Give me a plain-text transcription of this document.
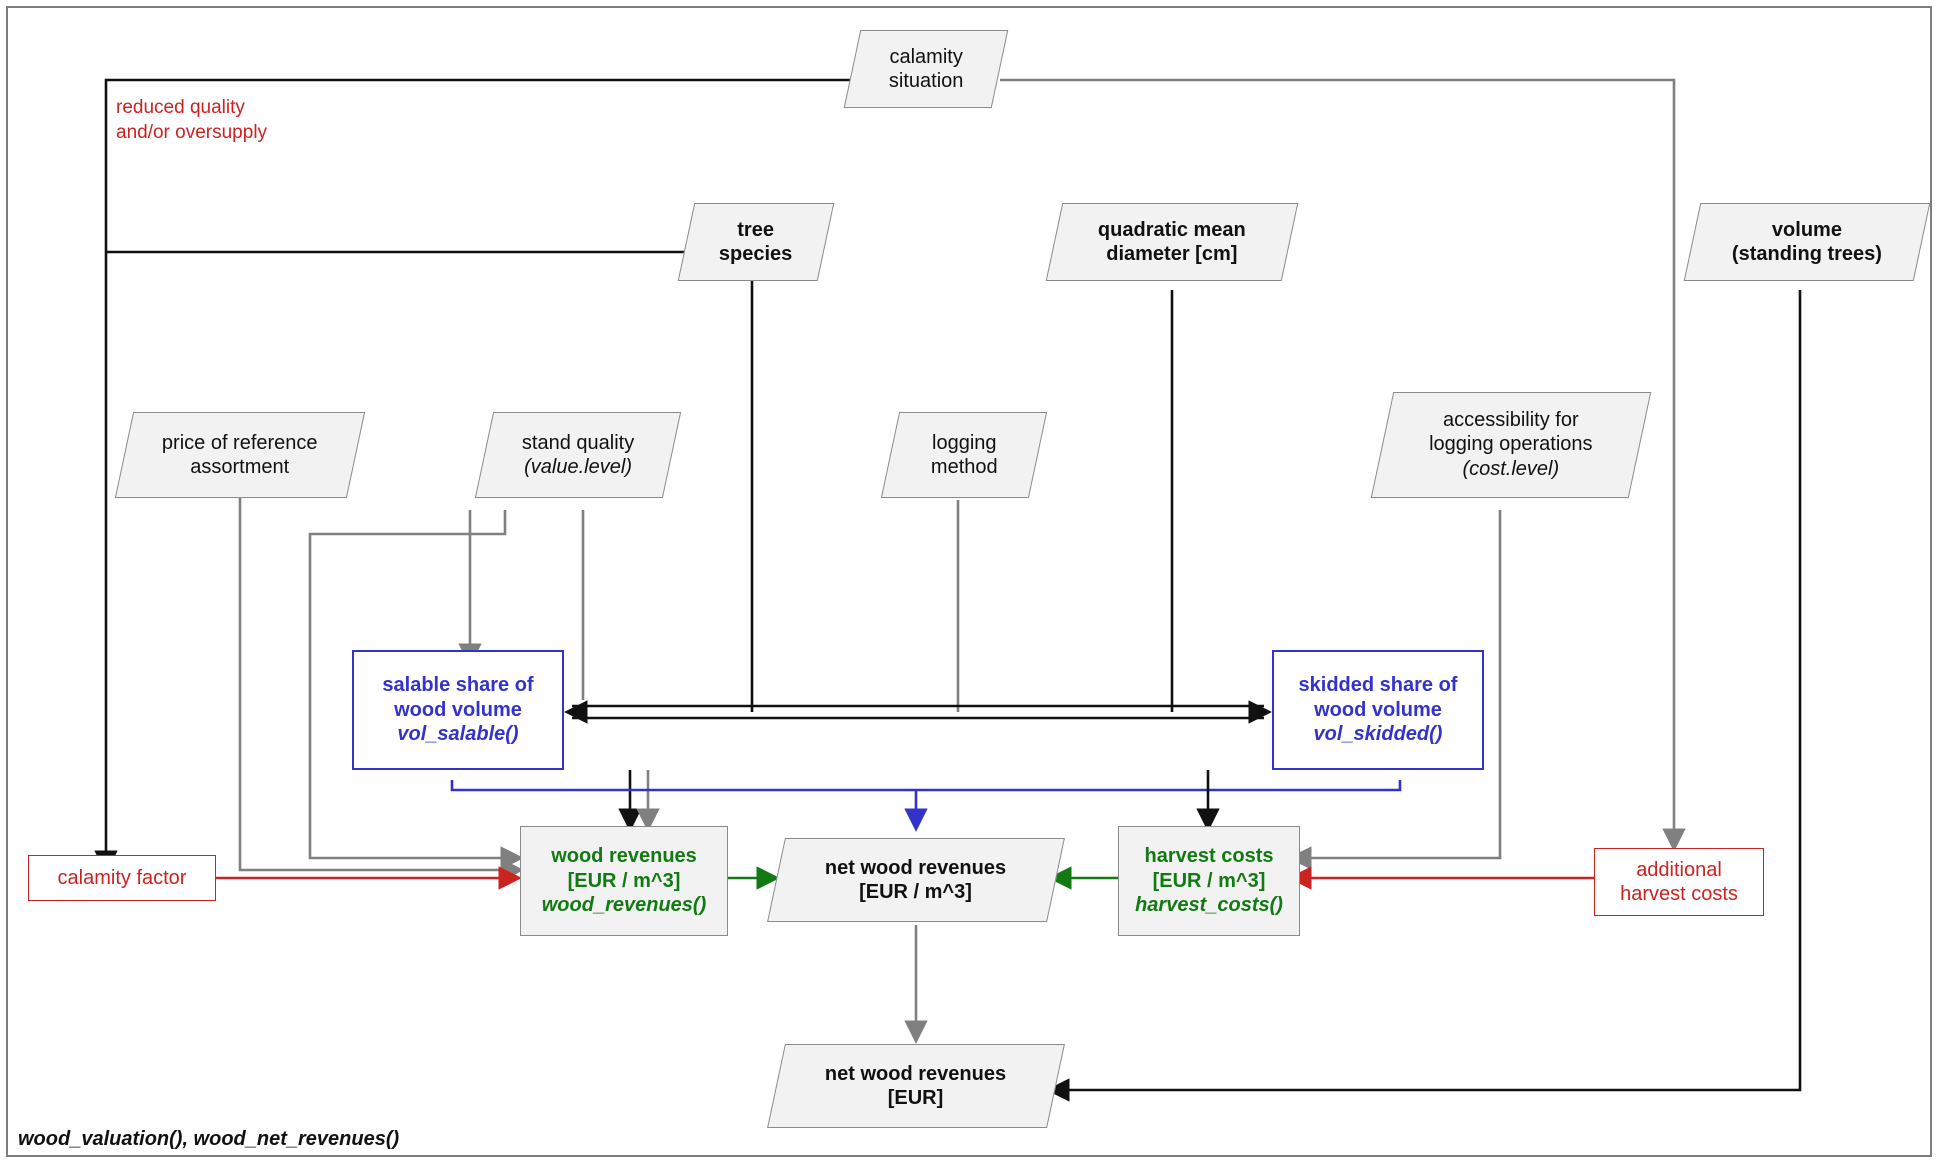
reduced quality
and/or oversupply
calamity
situation
tree
species
quadratic mean
diameter [cm]
volume
(standing trees)
price of reference
assortment
stand quality
(value.level)
logging
method
accessibility for
logging operations
(cost.level)
salable share of
wood volume
vol_salable()
skidded share of
wood volume
vol_skidded()
calamity factor	additional
harvest costs
wood revenues
[EUR / m^3]
wood_revenues()
net wood revenues
[EUR / m^3]
harvest costs
[EUR / m^3]
harvest_costs()
net wood revenues
[EUR]
wood_valuation(), wood_net_revenues()
